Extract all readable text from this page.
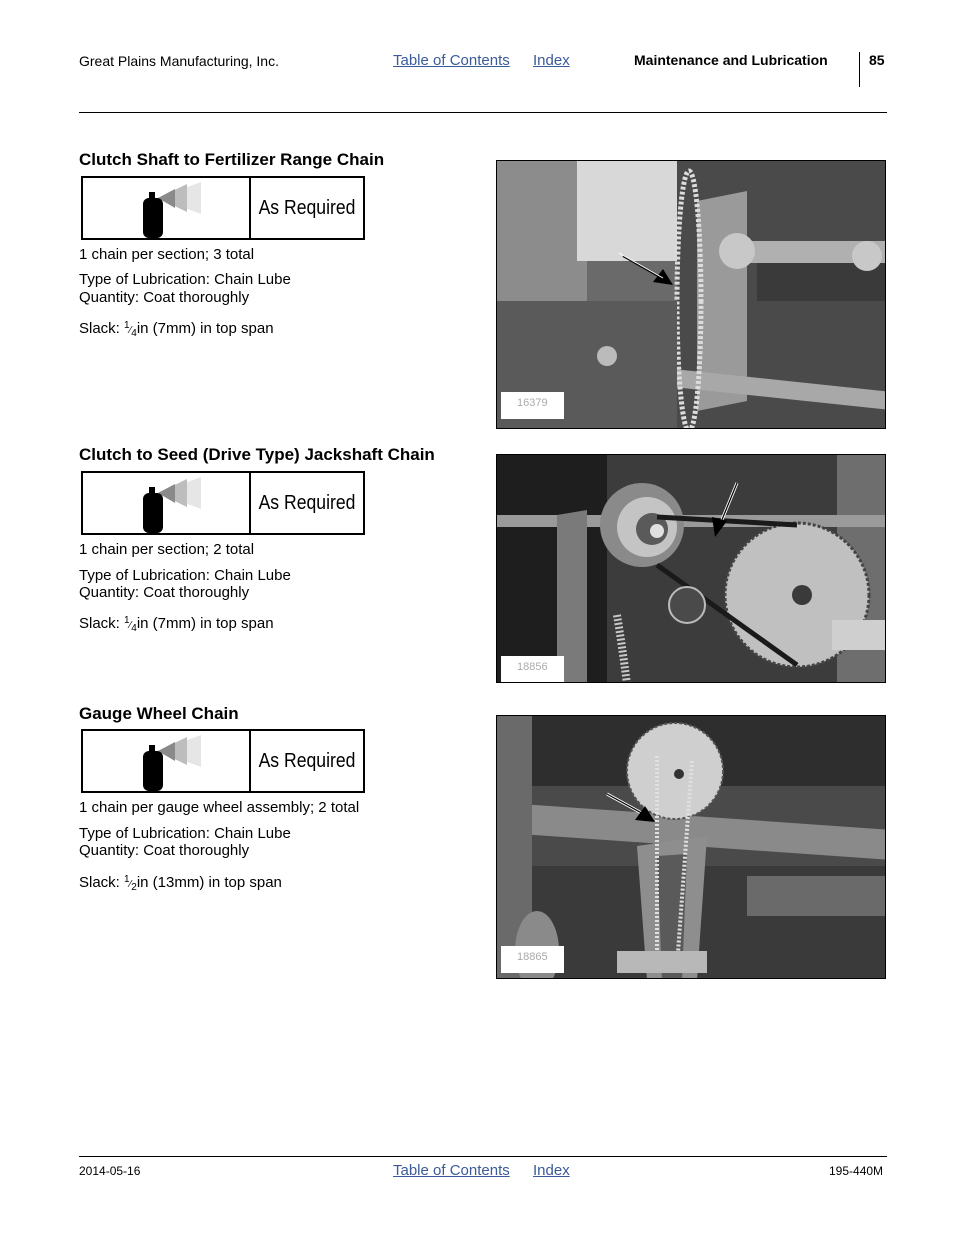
Great Plains Manufacturing, Inc.	Table of Contents Index	Maintenance and Lubrication	85
Clutch Shaft to Fertilizer Range Chain
As Required
1 chain per section; 3 total
Type of Lubrication: Chain Lube
Quantity: Coat thoroughly
Slack: $^1⁄_4in$ (7mm) in top span
16379
Clutch to Seed (Drive Type) Jackshaft Chain
As Required
1 chain per section; 2 total
Type of Lubrication: Chain Lube
Quantity: Coat thoroughly
Slack: $^1⁄_4in$ (7mm) in top span
18856
Gauge Wheel Chain
As Required
1 chain per gauge wheel assembly; 2 total
Type of Lubrication: Chain Lube
Quantity: Coat thoroughly
Slack: $^1⁄_2in$ (13mm) in top span
18865
2014-05-16	Table of Contents Index	195-440M
